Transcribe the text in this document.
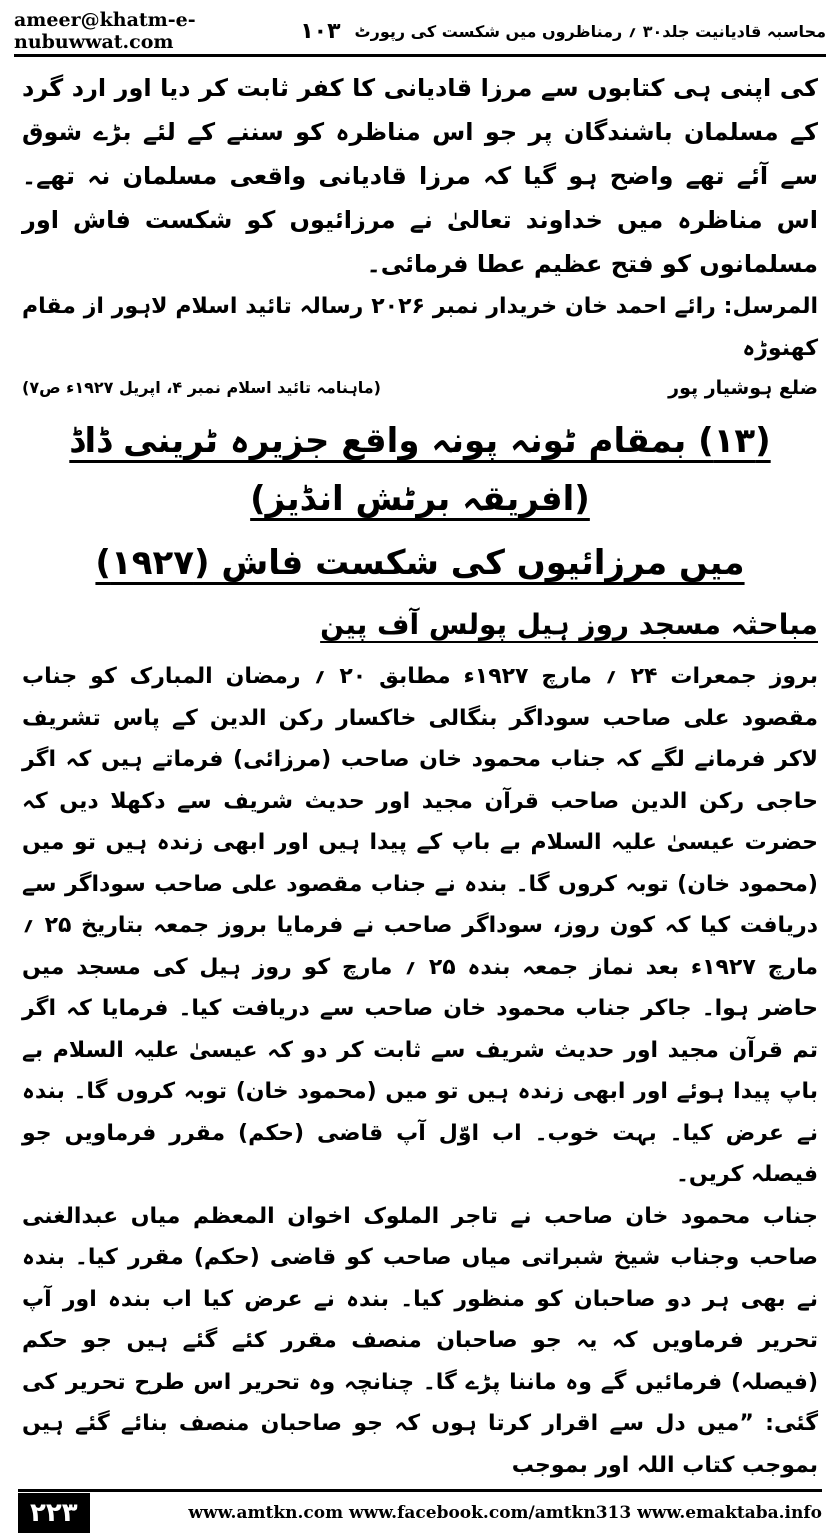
ameer@khatm-e-nubuwwat.com	محاسبہ قادیانیت جلد۳۰ ؍ رمناظروں میں شکست کی رپورٹ
۱۰۳

کی اپنی ہی کتابوں سے مرزا قادیانی کا کفر ثابت کر دیا اور ارد گرد کے مسلمان باشندگان پر جو اس مناظرہ کو سننے کے لئے بڑے شوق سے آئے تھے واضح ہو گیا کہ مرزا قادیانی واقعی مسلمان نہ تھے۔ اس مناظرہ میں خداوند تعالیٰ نے مرزائیوں کو شکست فاش اور مسلمانوں کو فتح عظیم عطا فرمائی۔

المرسل: رائے احمد خان خریدار نمبر ۲۰۲۶ رسالہ تائید اسلام لاہور از مقام کھنوڑہ

ضلع ہوشیار پور
(ماہنامہ تائید اسلام نمبر ۴، اپریل ۱۹۲۷ء ص۷)
(۱۳) بمقام ٹونہ پونہ واقع جزیرہ ٹرینی ڈاڈ (افریقہ برٹش انڈیز)
میں مرزائیوں کی شکست فاش (۱۹۲۷)
مباحثہ مسجد روز ہیل پولس آف پین

بروز جمعرات ۲۴ ؍ مارچ ۱۹۲۷ء مطابق ۲۰ ؍ رمضان المبارک کو جناب مقصود علی صاحب سوداگر بنگالی خاکسار رکن الدین کے پاس تشریف لاکر فرمانے لگے کہ جناب محمود خان صاحب (مرزائی) فرماتے ہیں کہ اگر حاجی رکن الدین صاحب قرآن مجید اور حدیث شریف سے دکھلا دیں کہ حضرت عیسیٰ علیہ السلام بے باپ کے پیدا ہیں اور ابھی زندہ ہیں تو میں (محمود خان) توبہ کروں گا۔ بندہ نے جناب مقصود علی صاحب سوداگر سے دریافت کیا کہ کون روز، سوداگر صاحب نے فرمایا بروز جمعہ بتاریخ ۲۵ ؍ مارچ ۱۹۲۷ء بعد نماز جمعہ بندہ ۲۵ ؍ مارچ کو روز ہیل کی مسجد میں حاضر ہوا۔ جاکر جناب محمود خان صاحب سے دریافت کیا۔ فرمایا کہ اگر تم قرآن مجید اور حدیث شریف سے ثابت کر دو کہ عیسیٰ علیہ السلام بے باپ پیدا ہوئے اور ابھی زندہ ہیں تو میں (محمود خان) توبہ کروں گا۔ بندہ نے عرض کیا۔ بہت خوب۔ اب اوّل آپ قاضی (حکم) مقرر فرماویں جو فیصلہ کریں۔

جناب محمود خان صاحب نے تاجر الملوک اخوان المعظم میاں عبدالغنی صاحب وجناب شیخ شبراتی میاں صاحب کو قاضی (حکم) مقرر کیا۔ بندہ نے بھی ہر دو صاحبان کو منظور کیا۔ بندہ نے عرض کیا اب بندہ اور آپ تحریر فرماویں کہ یہ جو صاحبان منصف مقرر کئے گئے ہیں جو حکم (فیصلہ) فرمائیں گے وہ ماننا پڑے گا۔ چنانچہ وہ تحریر اس طرح تحریر کی گئی: ”میں دل سے اقرار کرتا ہوں کہ جو صاحبان منصف بنائے گئے ہیں بموجب کتاب اللہ اور بموجب

۲۲۳	www.amtkn.com www.facebook.com/amtkn313 www.emaktaba.info
